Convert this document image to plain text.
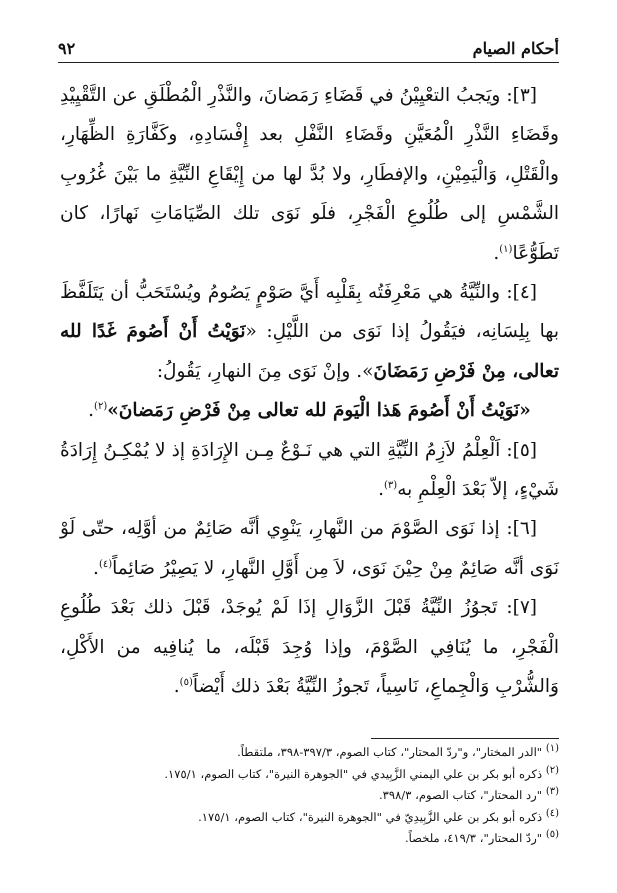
أحكام الصيام
٩٢

[٣]: ويَجبُ التعْيِيْنُ في قَضَاءِ رَمَضانَ، والنَّذْرِ الْمُطْلَقِ عن التَّقْيِيْدِ وقَضَاءِ النَّذْرِ الْمُعَيَّنِ وقَضَاءِ النَّفْلِ بعد إِفْسَادِهِ، وكَفَّارَةِ الظِّهَارِ، والْقَتْلِ، وَالْيَمِيْنِ، والإفطَارِ، ولا بُدَّ لها من إِيْقَاعِ النِّيَّةِ ما بَيْنَ غُرُوبِ الشَّمْسِ إلى طُلُوعِ الْفَجْرِ، فلَو نَوَى تلك الصِّيَامَاتِ نَهارًا، كان تَطَوُّعًا$^{(١)}$.

[٤]: والنِّيَّةُ هي مَعْرِفَتُه بِقَلْبِه أَيَّ صَوْمٍ يَصُومُ ويُسْتَحَبُّ أن يَتَلَفَّظَ بها بِلِسَانِه، فيَقُولُ إذا نَوَى من اللَّيْلِ: «نَوَيْتُ أَنْ أَصُومَ غَدًا لله تعالى، مِنْ فَرْضِ رَمَضَانَ». وإنْ نَوَى مِنَ النهارِ، يَقُولُ:

«نَوَيْتُ أَنْ أَصُومَ هَذا الْيَومَ لله تعالى مِنْ فَرْضِ رَمَضانَ»$^{(٢)}$.

[٥]: اَلْعِلْمُ لاَزِمُ النِّيَّةِ التي هي نَـوْعٌ مِـن الإِرَادَةِ إذ لا يُمْكِـنُ إِرَادَةُ شَيْءٍ، إلاّ بَعْدَ الْعِلْمِ به$^{(٣)}$.

[٦]: إذا نَوَى الصَّوْمَ من النَّهارِ، يَنْوِي أنَّه صَائِمٌ من أوَّلِه، حتّى لَوْ نَوَى أنَّه صَائِمٌ مِنْ حِيْنَ نَوَى، لاَ مِن أَوَّلِ النَّهارِ، لا يَصِيْرُ صَائِماً$^{(٤)}$.

[٧]: تَجوُزُ النِّيَّةُ قَبْلَ الزَّوَالِ إذَا لَمْ يُوجَدْ، قَبْلَ ذلك بَعْدَ طُلُوعِ الْفَجْرِ، ما يُنَافِي الصَّوْمَ، وإذا وُجِدَ قَبْلَه، ما يُنافِيه من الأَكْلِ، وَالشُّرْبِ وَالْجِماعِ، نَاسِياً، تَجوزُ النِّيَّةُ بَعْدَ ذلك أَيْضاً$^{(٥)}$.

$^{(١)}$ "الدر المختار"، و"ردّ المحتار"، كتاب الصوم، ٣٩٧/٣-٣٩٨، ملتقطاً.
$^{(٢)}$ ذكره أبو بكر بن علي اليمني الزَّبِيدي في "الجوهرة النيرة"، كتاب الصوم، ١٧٥/١.
$^{(٣)}$ "رد المحتار"، كتاب الصوم، ٣٩٨/٣.
$^{(٤)}$ ذكره أبو بكر بن علي الزَّبِيدِيّ في "الجوهرة النيرة"، كتاب الصوم، ١٧٥/١.
$^{(٥)}$ "ردّ المحتار"، ٤١٩/٣، ملخصاً.
